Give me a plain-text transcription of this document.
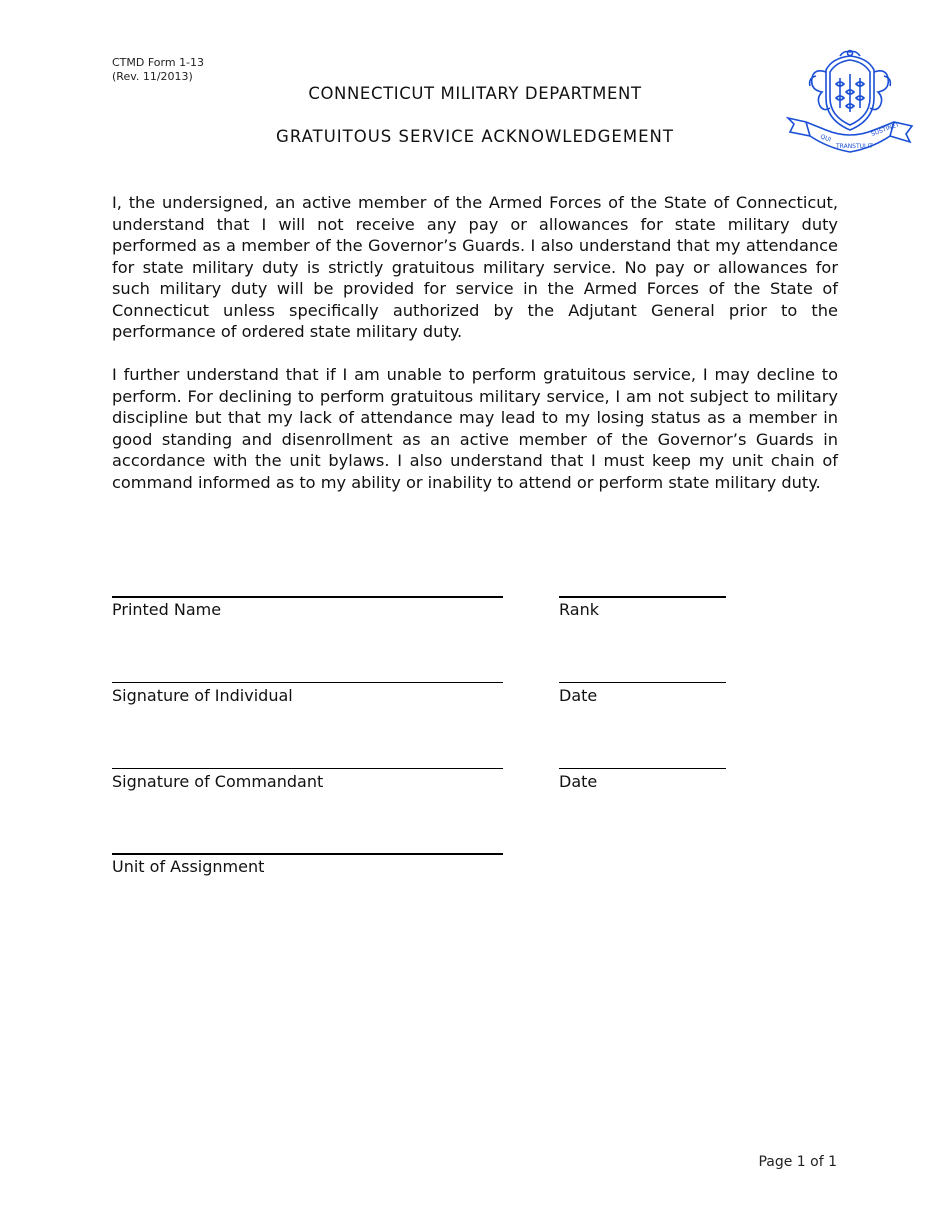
CTMD Form 1-13
(Rev. 11/2013)
CONNECTICUT MILITARY DEPARTMENT
GRATUITOUS SERVICE ACKNOWLEDGEMENT	QUI
TRANSTULIT
SUSTINET

I, the undersigned, an active member of the Armed Forces of the State of Connecticut, understand that I will not receive any pay or allowances for state military duty performed as a member of the Governor’s Guards. I also understand that my attendance for state military duty is strictly gratuitous military service. No pay or allowances for such military duty will be provided for service in the Armed Forces of the State of Connecticut unless specifically authorized by the Adjutant General prior to the performance of ordered state military duty.

I further understand that if I am unable to perform gratuitous service, I may decline to perform. For declining to perform gratuitous military service, I am not subject to military discipline but that my lack of attendance may lead to my losing status as a member in good standing and disenrollment as an active member of the Governor’s Guards in accordance with the unit bylaws. I also understand that I must keep my unit chain of command informed as to my ability or inability to attend or perform state military duty.

Printed Name	Rank
Signature of Individual	Date
Signature of Commandant	Date
Unit of Assignment
Page 1 of 1
